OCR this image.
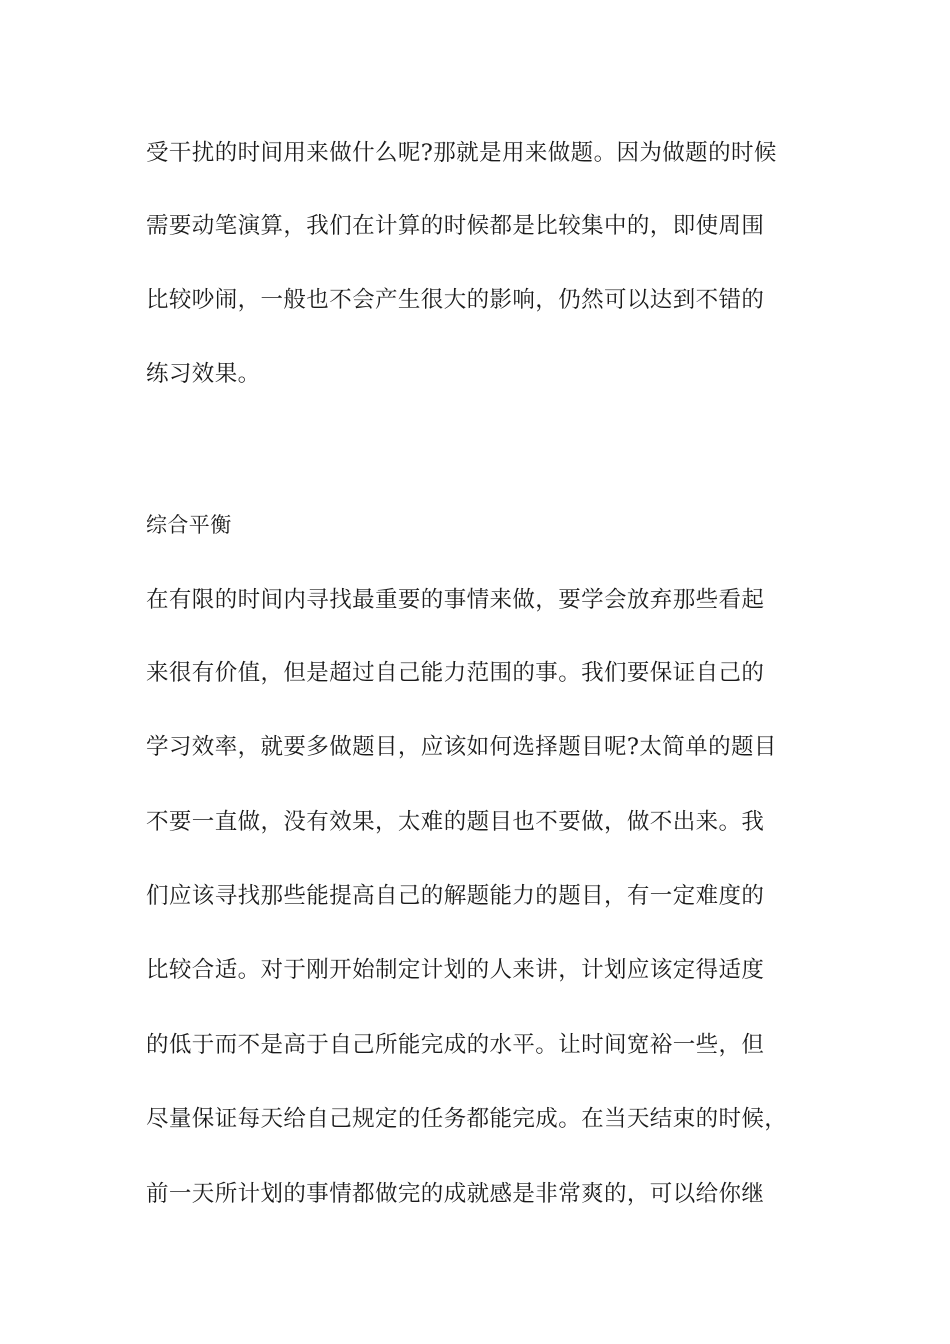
受干扰的时间用来做什么呢?那就是用来做题。因为做题的时候
需要动笔演算，我们在计算的时候都是比较集中的，即使周围
比较吵闹，一般也不会产生很大的影响，仍然可以达到不错的
练习效果。
综合平衡
在有限的时间内寻找最重要的事情来做，要学会放弃那些看起
来很有价值，但是超过自己能力范围的事。我们要保证自己的
学习效率，就要多做题目，应该如何选择题目呢?太简单的题目
不要一直做，没有效果，太难的题目也不要做，做不出来。我
们应该寻找那些能提高自己的解题能力的题目，有一定难度的
比较合适。对于刚开始制定计划的人来讲，计划应该定得适度
的低于而不是高于自己所能完成的水平。让时间宽裕一些，但
尽量保证每天给自己规定的任务都能完成。在当天结束的时候，
前一天所计划的事情都做完的成就感是非常爽的，可以给你继
